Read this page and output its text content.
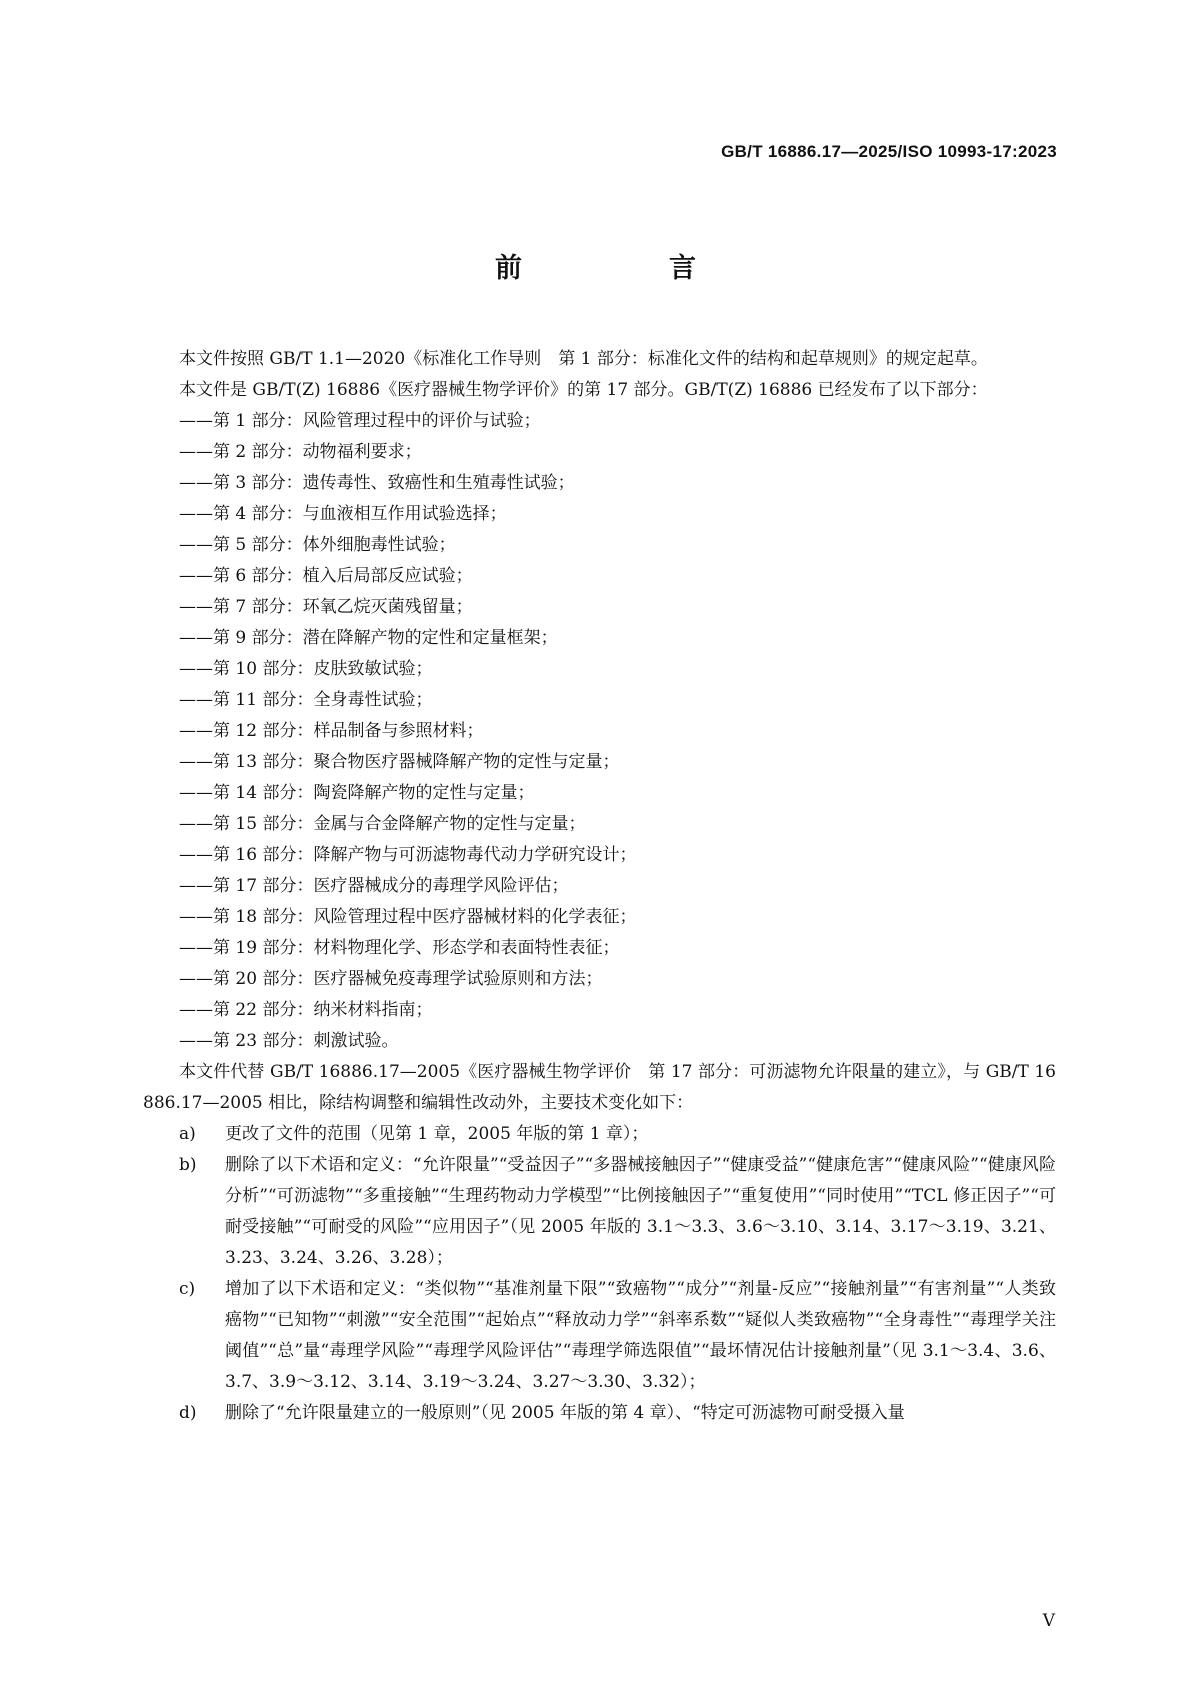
GB/T 16886.17—2025/ISO 10993-17:2023
前　言

本文件按照 GB/T 1.1—2020《标准化工作导则　第 1 部分：标准化文件的结构和起草规则》的规定起草。

本文件是 GB/T(Z) 16886《医疗器械生物学评价》的第 17 部分。GB/T(Z) 16886 已经发布了以下部分：

——第 1 部分：风险管理过程中的评价与试验；

——第 2 部分：动物福利要求；

——第 3 部分：遗传毒性、致癌性和生殖毒性试验；

——第 4 部分：与血液相互作用试验选择；

——第 5 部分：体外细胞毒性试验；

——第 6 部分：植入后局部反应试验；

——第 7 部分：环氧乙烷灭菌残留量；

——第 9 部分：潜在降解产物的定性和定量框架；

——第 10 部分：皮肤致敏试验；

——第 11 部分：全身毒性试验；

——第 12 部分：样品制备与参照材料；

——第 13 部分：聚合物医疗器械降解产物的定性与定量；

——第 14 部分：陶瓷降解产物的定性与定量；

——第 15 部分：金属与合金降解产物的定性与定量；

——第 16 部分：降解产物与可沥滤物毒代动力学研究设计；

——第 17 部分：医疗器械成分的毒理学风险评估；

——第 18 部分：风险管理过程中医疗器械材料的化学表征；

——第 19 部分：材料物理化学、形态学和表面特性表征；

——第 20 部分：医疗器械免疫毒理学试验原则和方法；

——第 22 部分：纳米材料指南；

——第 23 部分：刺激试验。

本文件代替 GB/T 16886.17—2005《医疗器械生物学评价　第 17 部分：可沥滤物允许限量的建立》，与 GB/T 16886.17—2005 相比，除结构调整和编辑性改动外，主要技术变化如下：

a)	更改了文件的范围（见第 1 章，2005 年版的第 1 章）；
b)	删除了以下术语和定义：“允许限量”“受益因子”“多器械接触因子”“健康受益”“健康危害”“健康风险”“健康风险分析”“可沥滤物”“多重接触”“生理药物动力学模型”“比例接触因子”“重复使用”“同时使用”“TCL 修正因子”“可耐受接触”“可耐受的风险”“应用因子”（见 2005 年版的 3.1～3.3、3.6～3.10、3.14、3.17～3.19、3.21、3.23、3.24、3.26、3.28）；
c)	增加了以下术语和定义：“类似物”“基准剂量下限”“致癌物”“成分”“剂量-反应”“接触剂量”“有害剂量”“人类致癌物”“已知物”“刺激”“安全范围”“起始点”“释放动力学”“斜率系数”“疑似人类致癌物”“全身毒性”“毒理学关注阈值”“总”量“毒理学风险”“毒理学风险评估”“毒理学筛选限值”“最坏情况估计接触剂量”（见 3.1～3.4、3.6、3.7、3.9～3.12、3.14、3.19～3.24、3.27～3.30、3.32）；
d)	删除了“允许限量建立的一般原则”（见 2005 年版的第 4 章）、“特定可沥滤物可耐受摄入量
V
